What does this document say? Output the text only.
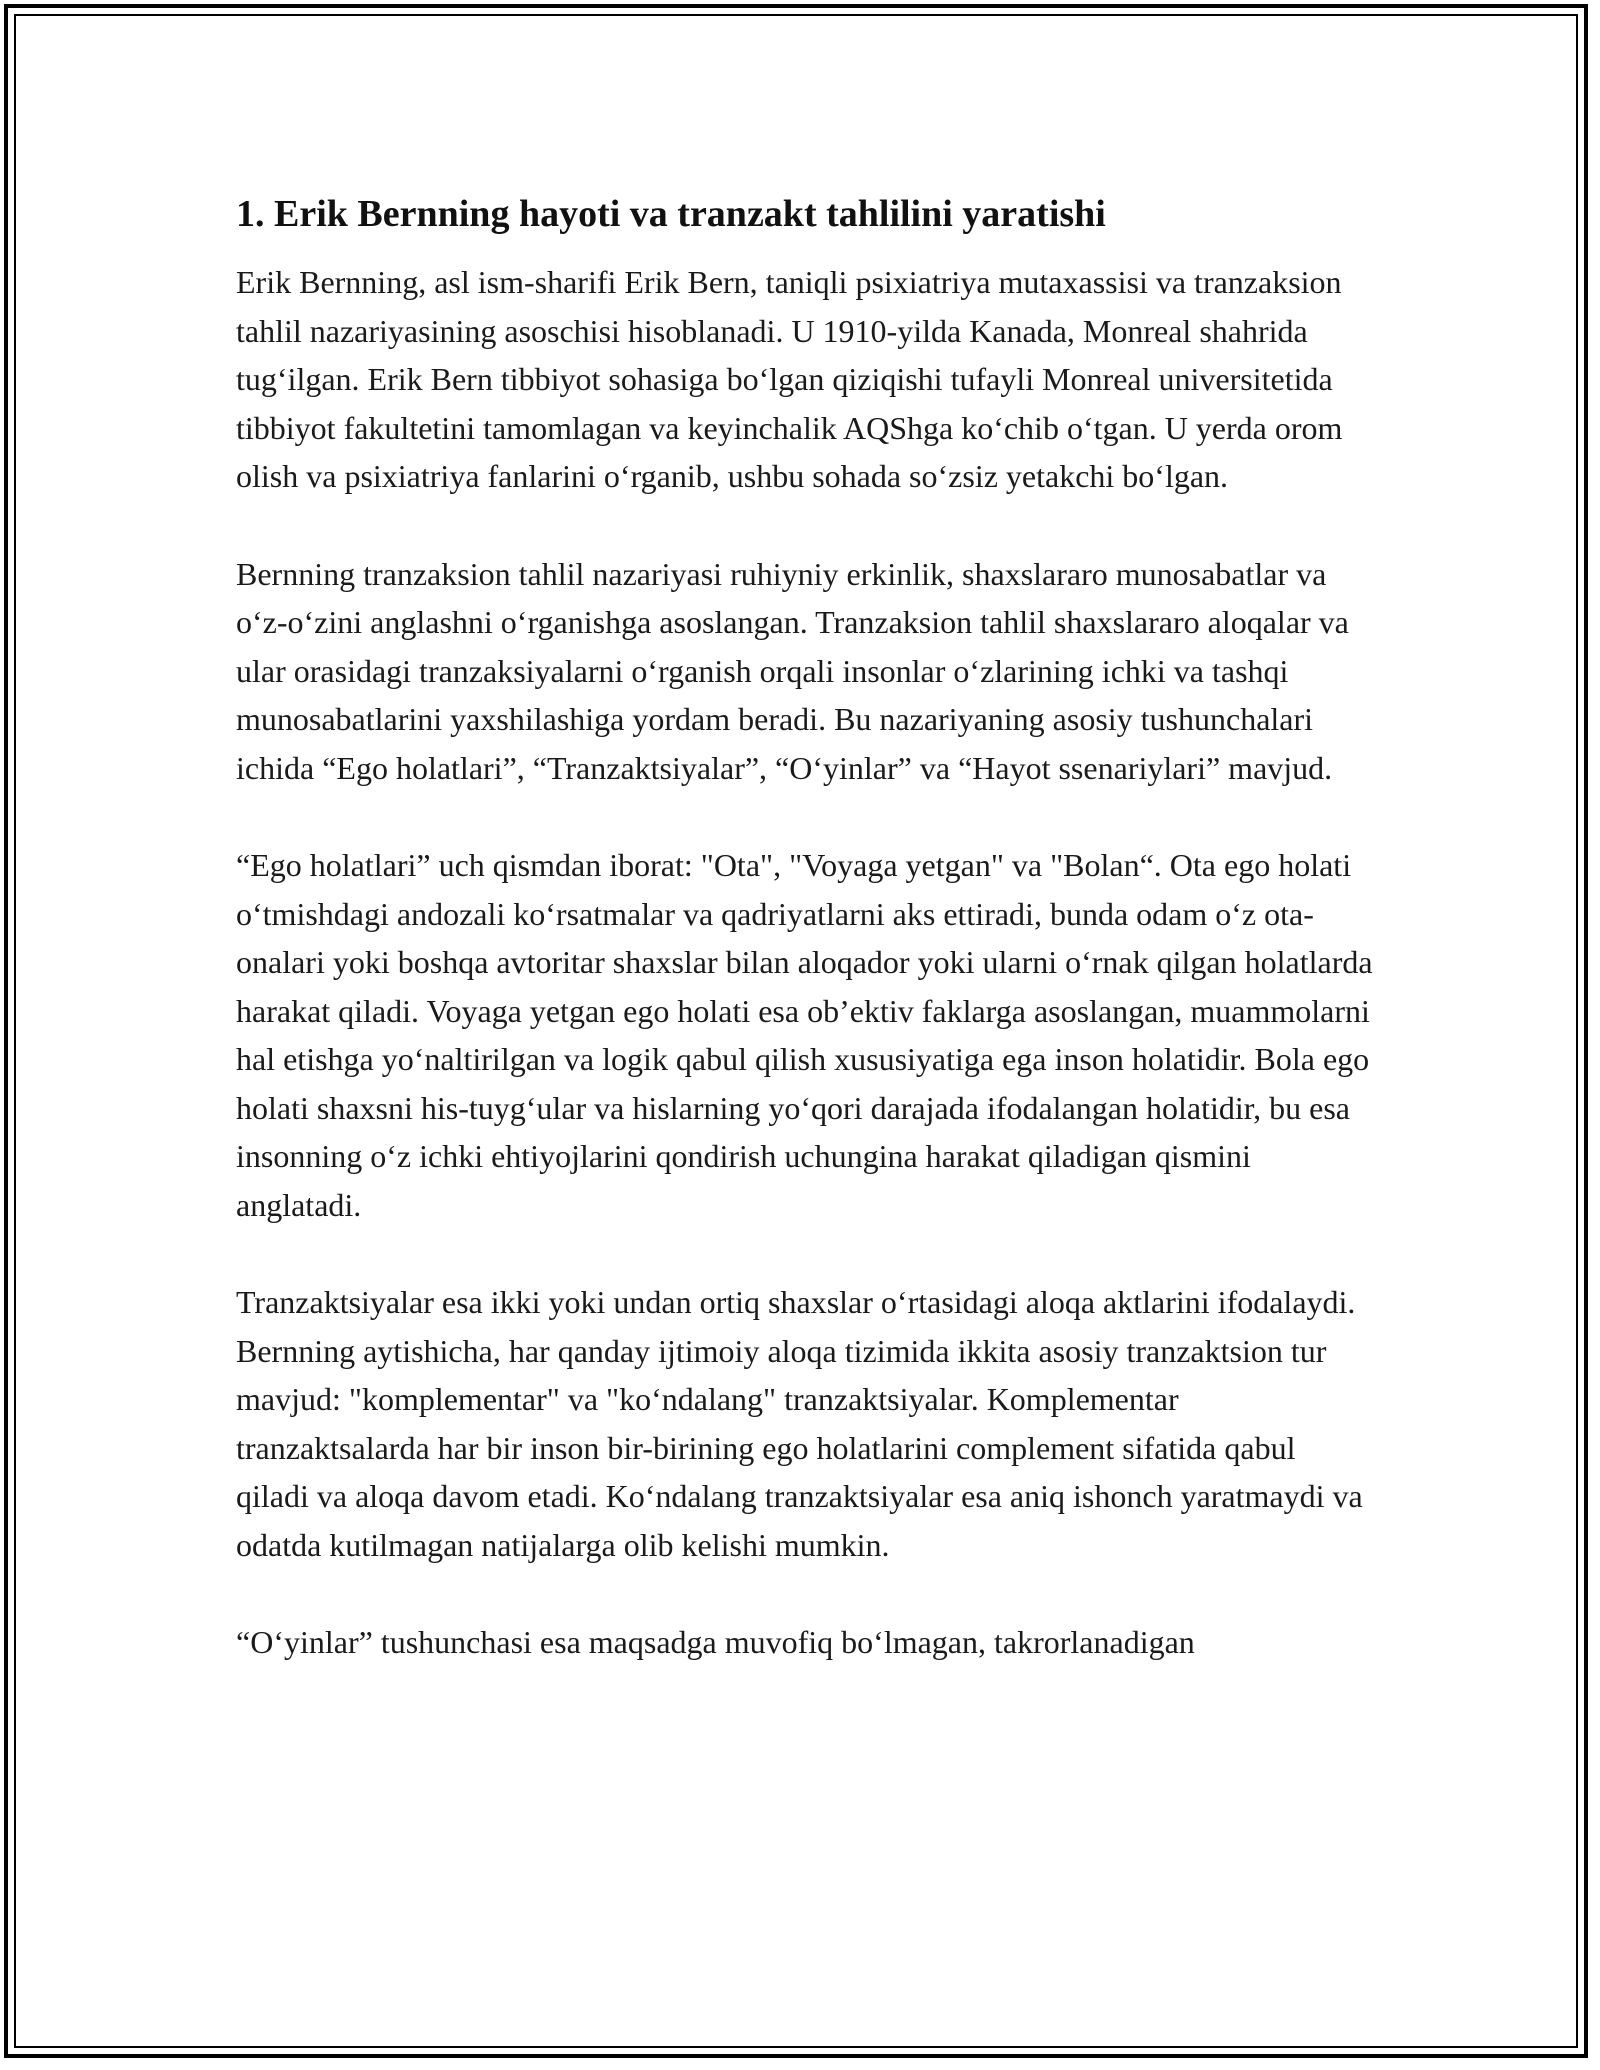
1. Erik Bernning hayoti va tranzakt tahlilini yaratishi

Erik Bernning, asl ism-sharifi Erik Bern, taniqli psixiatriya mutaxassisi va tranzaksion tahlil nazariyasining asoschisi hisoblanadi. U 1910-yilda Kanada, Monreal shahrida tug‘ilgan. Erik Bern tibbiyot sohasiga bo‘lgan qiziqishi tufayli Monreal universitetida tibbiyot fakultetini tamomlagan va keyinchalik AQShga ko‘chib o‘tgan. U yerda orom olish va psixiatriya fanlarini o‘rganib, ushbu sohada so‘zsiz yetakchi bo‘lgan.

Bernning tranzaksion tahlil nazariyasi ruhiyniy erkinlik, shaxslararo munosabatlar va o‘z-o‘zini anglashni o‘rganishga asoslangan. Tranzaksion tahlil shaxslararo aloqalar va ular orasidagi tranzaksiyalarni o‘rganish orqali insonlar o‘zlarining ichki va tashqi munosabatlarini yaxshilashiga yordam beradi. Bu nazariyaning asosiy tushunchalari ichida “Ego holatlari”, “Tranzaktsiyalar”, “O‘yinlar” va “Hayot ssenariylari” mavjud.

“Ego holatlari” uch qismdan iborat: "Ota", "Voyaga yetgan" va "Bolan“. Ota ego holati o‘tmishdagi andozali ko‘rsatmalar va qadriyatlarni aks ettiradi, bunda odam o‘z ota-onalari yoki boshqa avtoritar shaxslar bilan aloqador yoki ularni o‘rnak qilgan holatlarda harakat qiladi. Voyaga yetgan ego holati esa ob’ektiv faklarga asoslangan, muammolarni hal etishga yo‘naltirilgan va logik qabul qilish xususiyatiga ega inson holatidir. Bola ego holati shaxsni his-tuyg‘ular va hislarning yo‘qori darajada ifodalangan holatidir, bu esa insonning o‘z ichki ehtiyojlarini qondirish uchungina harakat qiladigan qismini anglatadi.

Tranzaktsiyalar esa ikki yoki undan ortiq shaxslar o‘rtasidagi aloqa aktlarini ifodalaydi. Bernning aytishicha, har qanday ijtimoiy aloqa tizimida ikkita asosiy tranzaktsion tur mavjud: "komplementar" va "ko‘ndalang" tranzaktsiyalar. Komplementar tranzaktsalarda har bir inson bir-birining ego holatlarini complement sifatida qabul qiladi va aloqa davom etadi. Ko‘ndalang tranzaktsiyalar esa aniq ishonch yaratmaydi va odatda kutilmagan natijalarga olib kelishi mumkin.

“O‘yinlar” tushunchasi esa maqsadga muvofiq bo‘lmagan, takrorlanadigan
